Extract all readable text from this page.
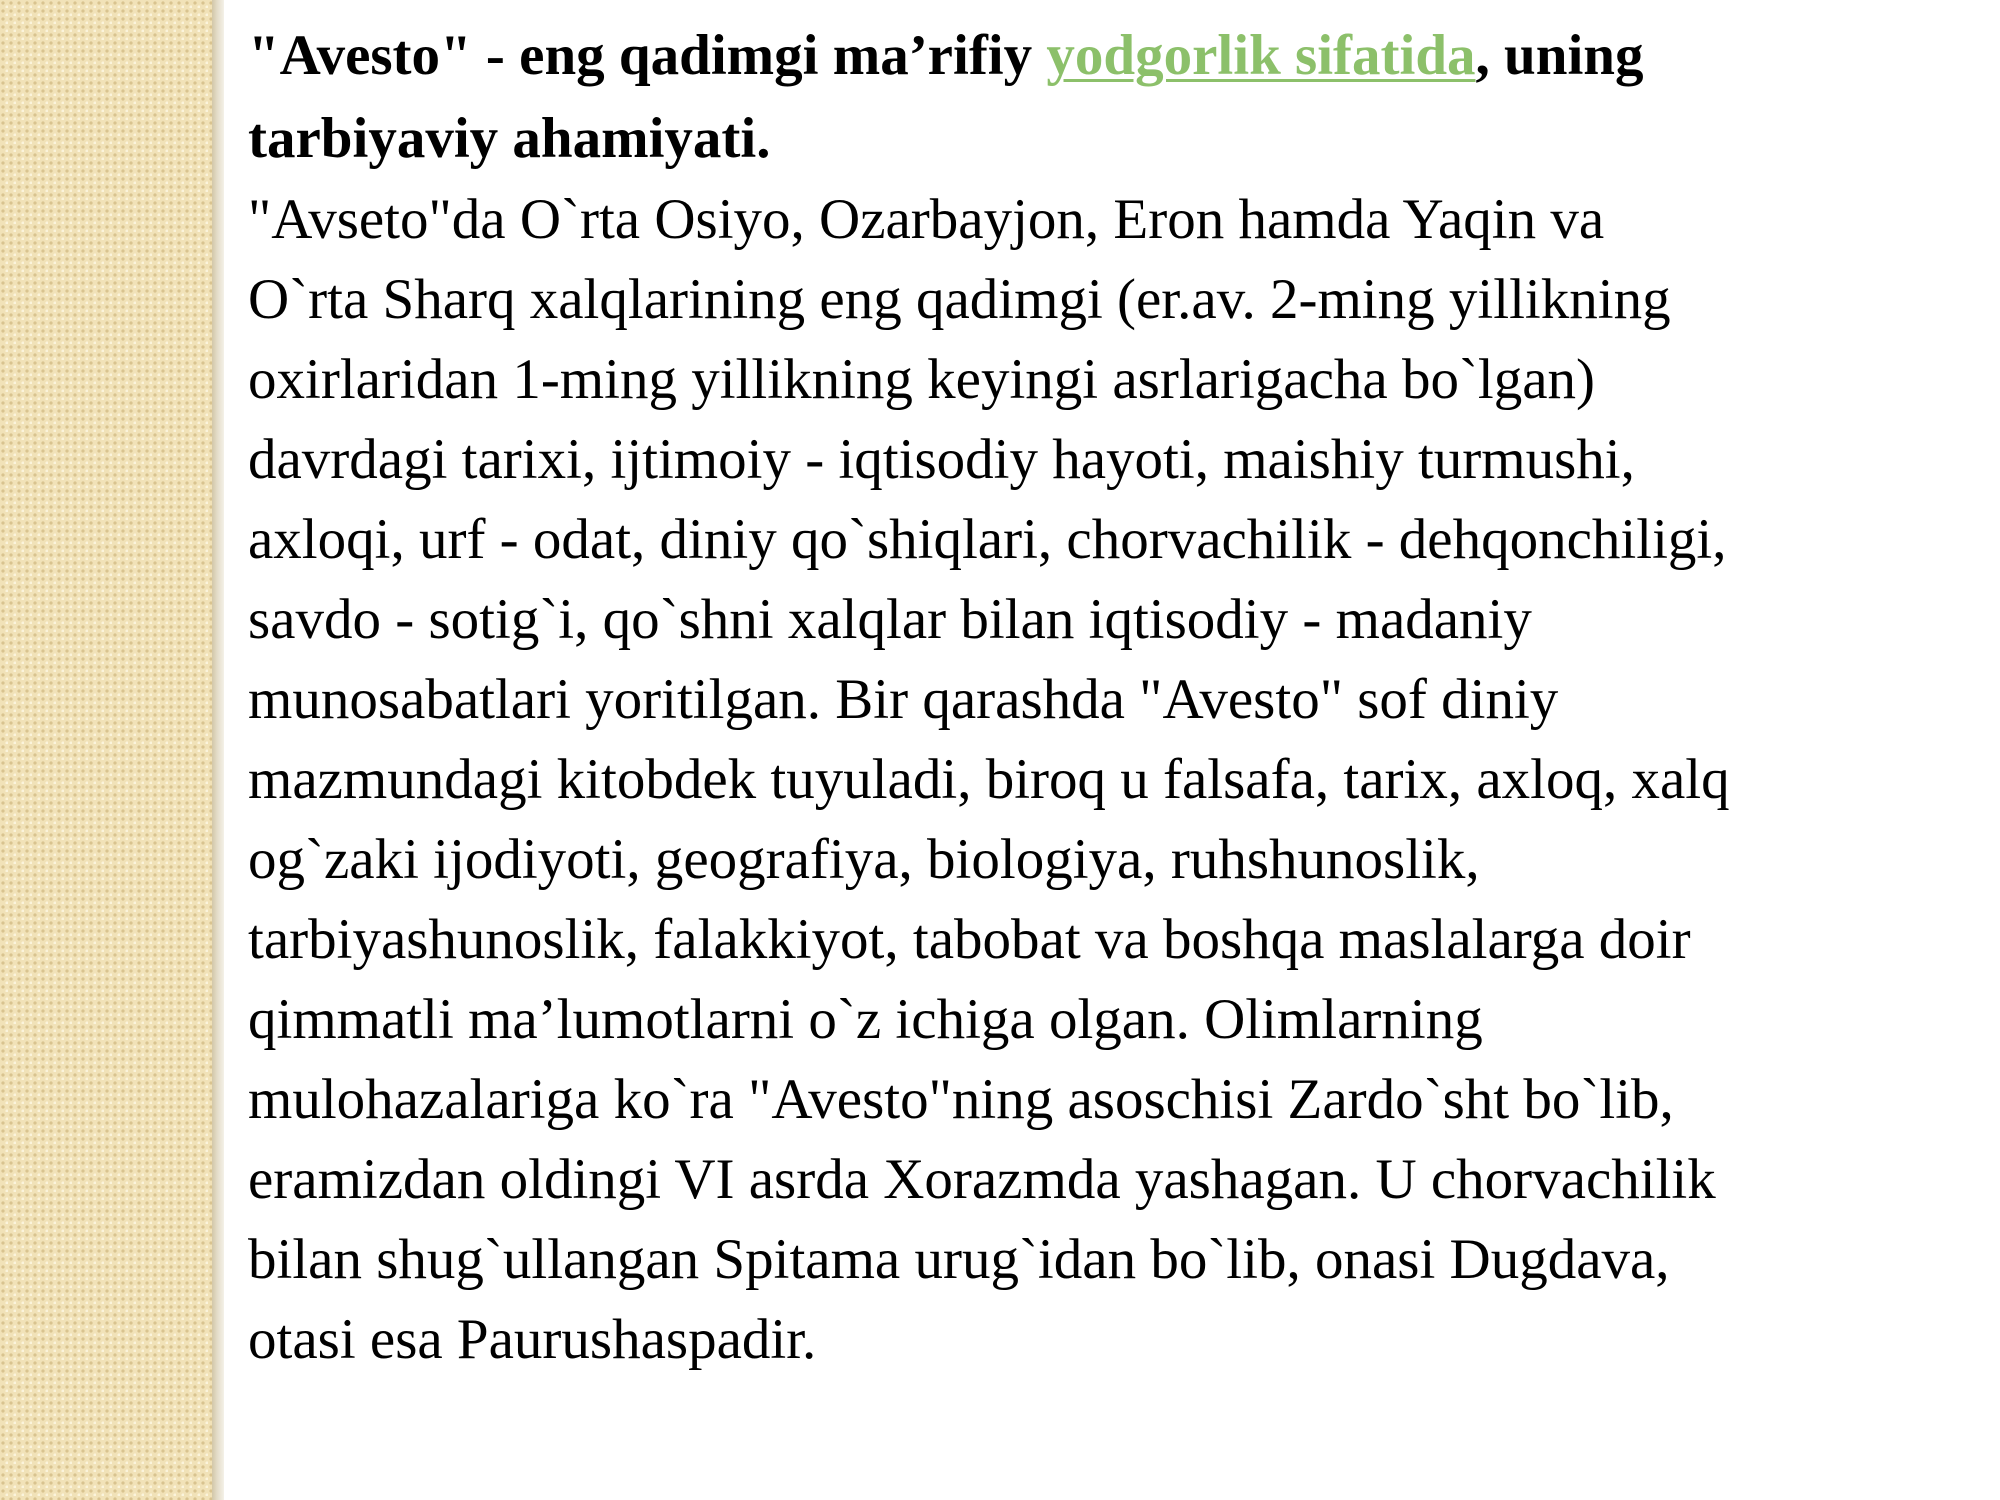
"Avesto" - eng qadimgi ma’rifiy yodgorlik sifatida, uning
tarbiyaviy ahamiyati.

"Avseto"da O`rta Osiyo, Ozarbayjon, Eron hamda Yaqin va
O`rta Sharq xalqlarining eng qadimgi (er.av. 2-ming yillikning
oxirlaridan 1-ming yillikning keyingi asrlarigacha bo`lgan)
davrdagi tarixi, ijtimoiy - iqtisodiy hayoti, maishiy turmushi,
axloqi, urf - odat, diniy qo`shiqlari, chorvachilik - dehqonchiligi,
savdo - sotig`i, qo`shni xalqlar bilan iqtisodiy - madaniy
munosabatlari yoritilgan. Bir qarashda "Avesto" sof diniy
mazmundagi kitobdek tuyuladi, biroq u falsafa, tarix, axloq, xalq
og`zaki ijodiyoti, geografiya, biologiya, ruhshunoslik,
tarbiyashunoslik, falakkiyot, tabobat va boshqa maslalarga doir
qimmatli ma’lumotlarni o`z ichiga olgan. Olimlarning
mulohazalariga ko`ra "Avesto"ning asoschisi Zardo`sht bo`lib,
eramizdan oldingi VI asrda Xorazmda yashagan. U chorvachilik
bilan shug`ullangan Spitama urug`idan bo`lib, onasi Dugdava,
otasi esa Paurushaspadir.
